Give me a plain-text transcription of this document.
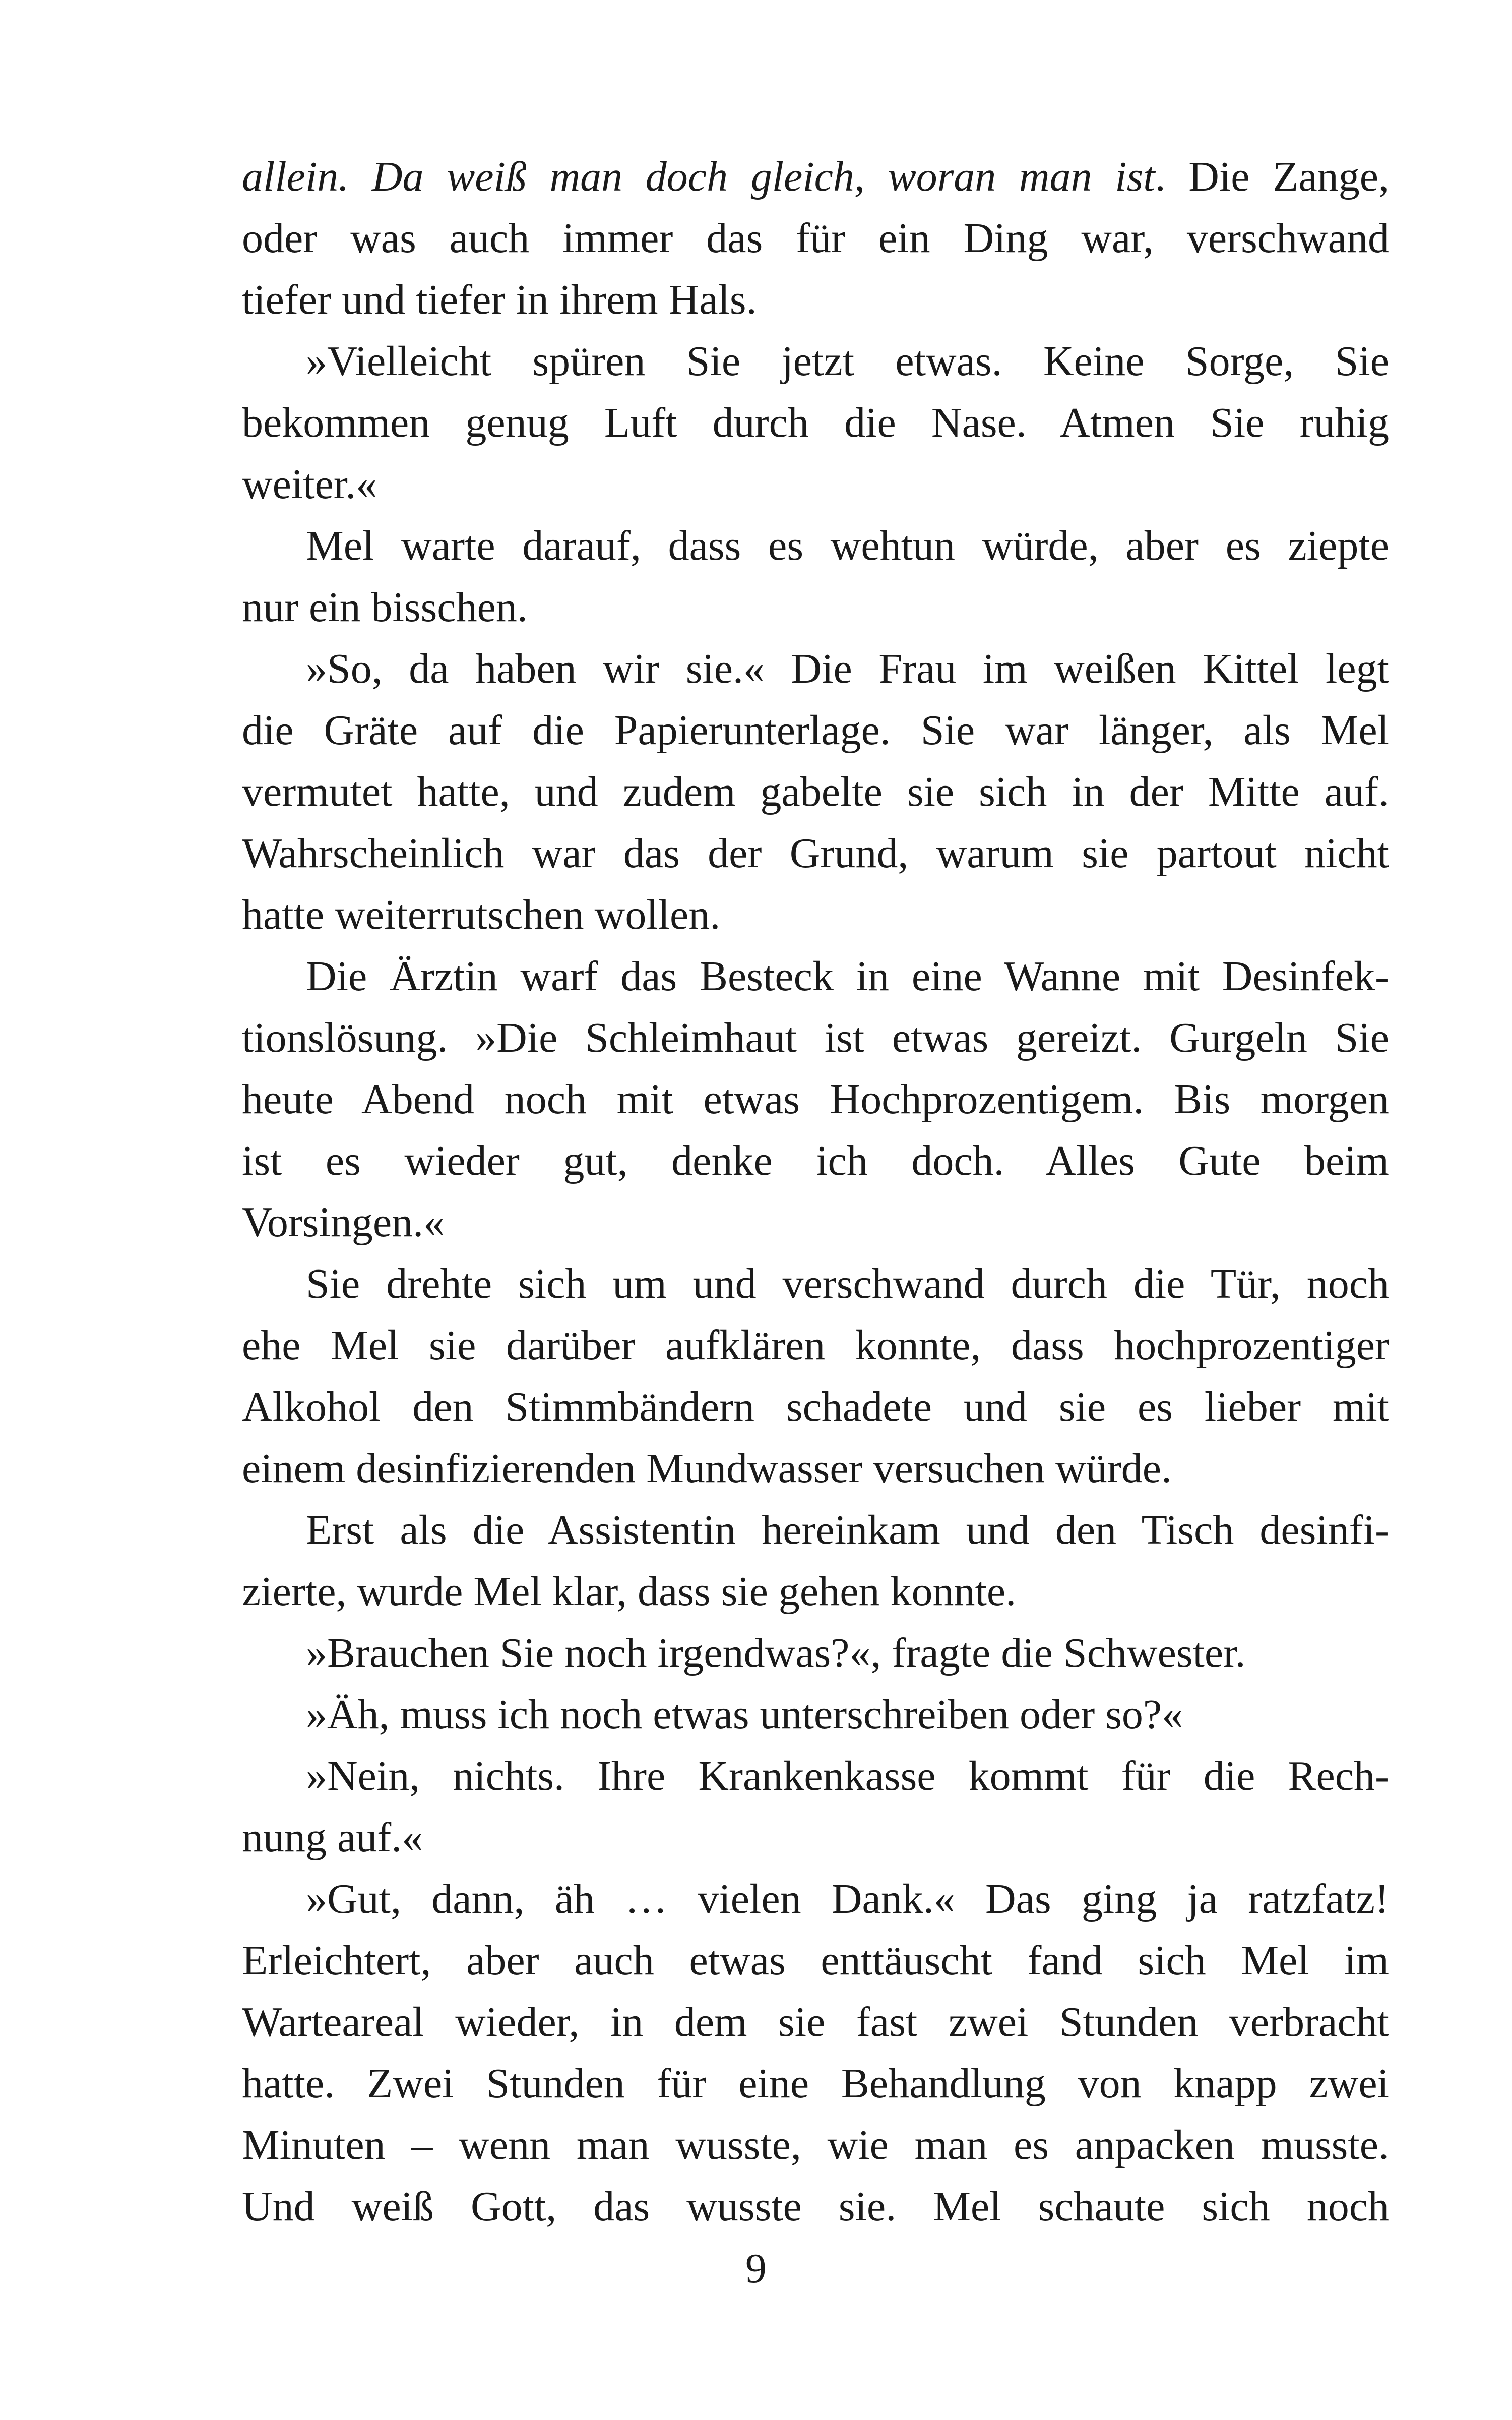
allein. Da weiß man doch gleich, woran man ist. Die Zange,
oder was auch immer das für ein Ding war, verschwand
tiefer und tiefer in ihrem Hals.
»Vielleicht spüren Sie jetzt etwas. Keine Sorge, Sie
bekommen genug Luft durch die Nase. Atmen Sie ruhig
weiter.«
Mel warte darauf, dass es wehtun würde, aber es ziepte
nur ein bisschen.
»So, da haben wir sie.« Die Frau im weißen Kittel legt
die Gräte auf die Papierunterlage. Sie war länger, als Mel
vermutet hatte, und zudem gabelte sie sich in der Mitte auf.
Wahrscheinlich war das der Grund, warum sie partout nicht
hatte weiterrutschen wollen.
Die Ärztin warf das Besteck in eine Wanne mit Desinfek-
tionslösung. »Die Schleimhaut ist etwas gereizt. Gurgeln Sie
heute Abend noch mit etwas Hochprozentigem. Bis morgen
ist es wieder gut, denke ich doch. Alles Gute beim
Vorsingen.«
Sie drehte sich um und verschwand durch die Tür, noch
ehe Mel sie darüber aufklären konnte, dass hochprozentiger
Alkohol den Stimmbändern schadete und sie es lieber mit
einem desinfizierenden Mundwasser versuchen würde.
Erst als die Assistentin hereinkam und den Tisch desinfi-
zierte, wurde Mel klar, dass sie gehen konnte.
»Brauchen Sie noch irgendwas?«, fragte die Schwester.
»Äh, muss ich noch etwas unterschreiben oder so?«
»Nein, nichts. Ihre Krankenkasse kommt für die Rech-
nung auf.«
»Gut, dann, äh … vielen Dank.« Das ging ja ratzfatz!
Erleichtert, aber auch etwas enttäuscht fand sich Mel im
Warteareal wieder, in dem sie fast zwei Stunden verbracht
hatte. Zwei Stunden für eine Behandlung von knapp zwei
Minuten – wenn man wusste, wie man es anpacken musste.
Und weiß Gott, das wusste sie. Mel schaute sich noch
9
